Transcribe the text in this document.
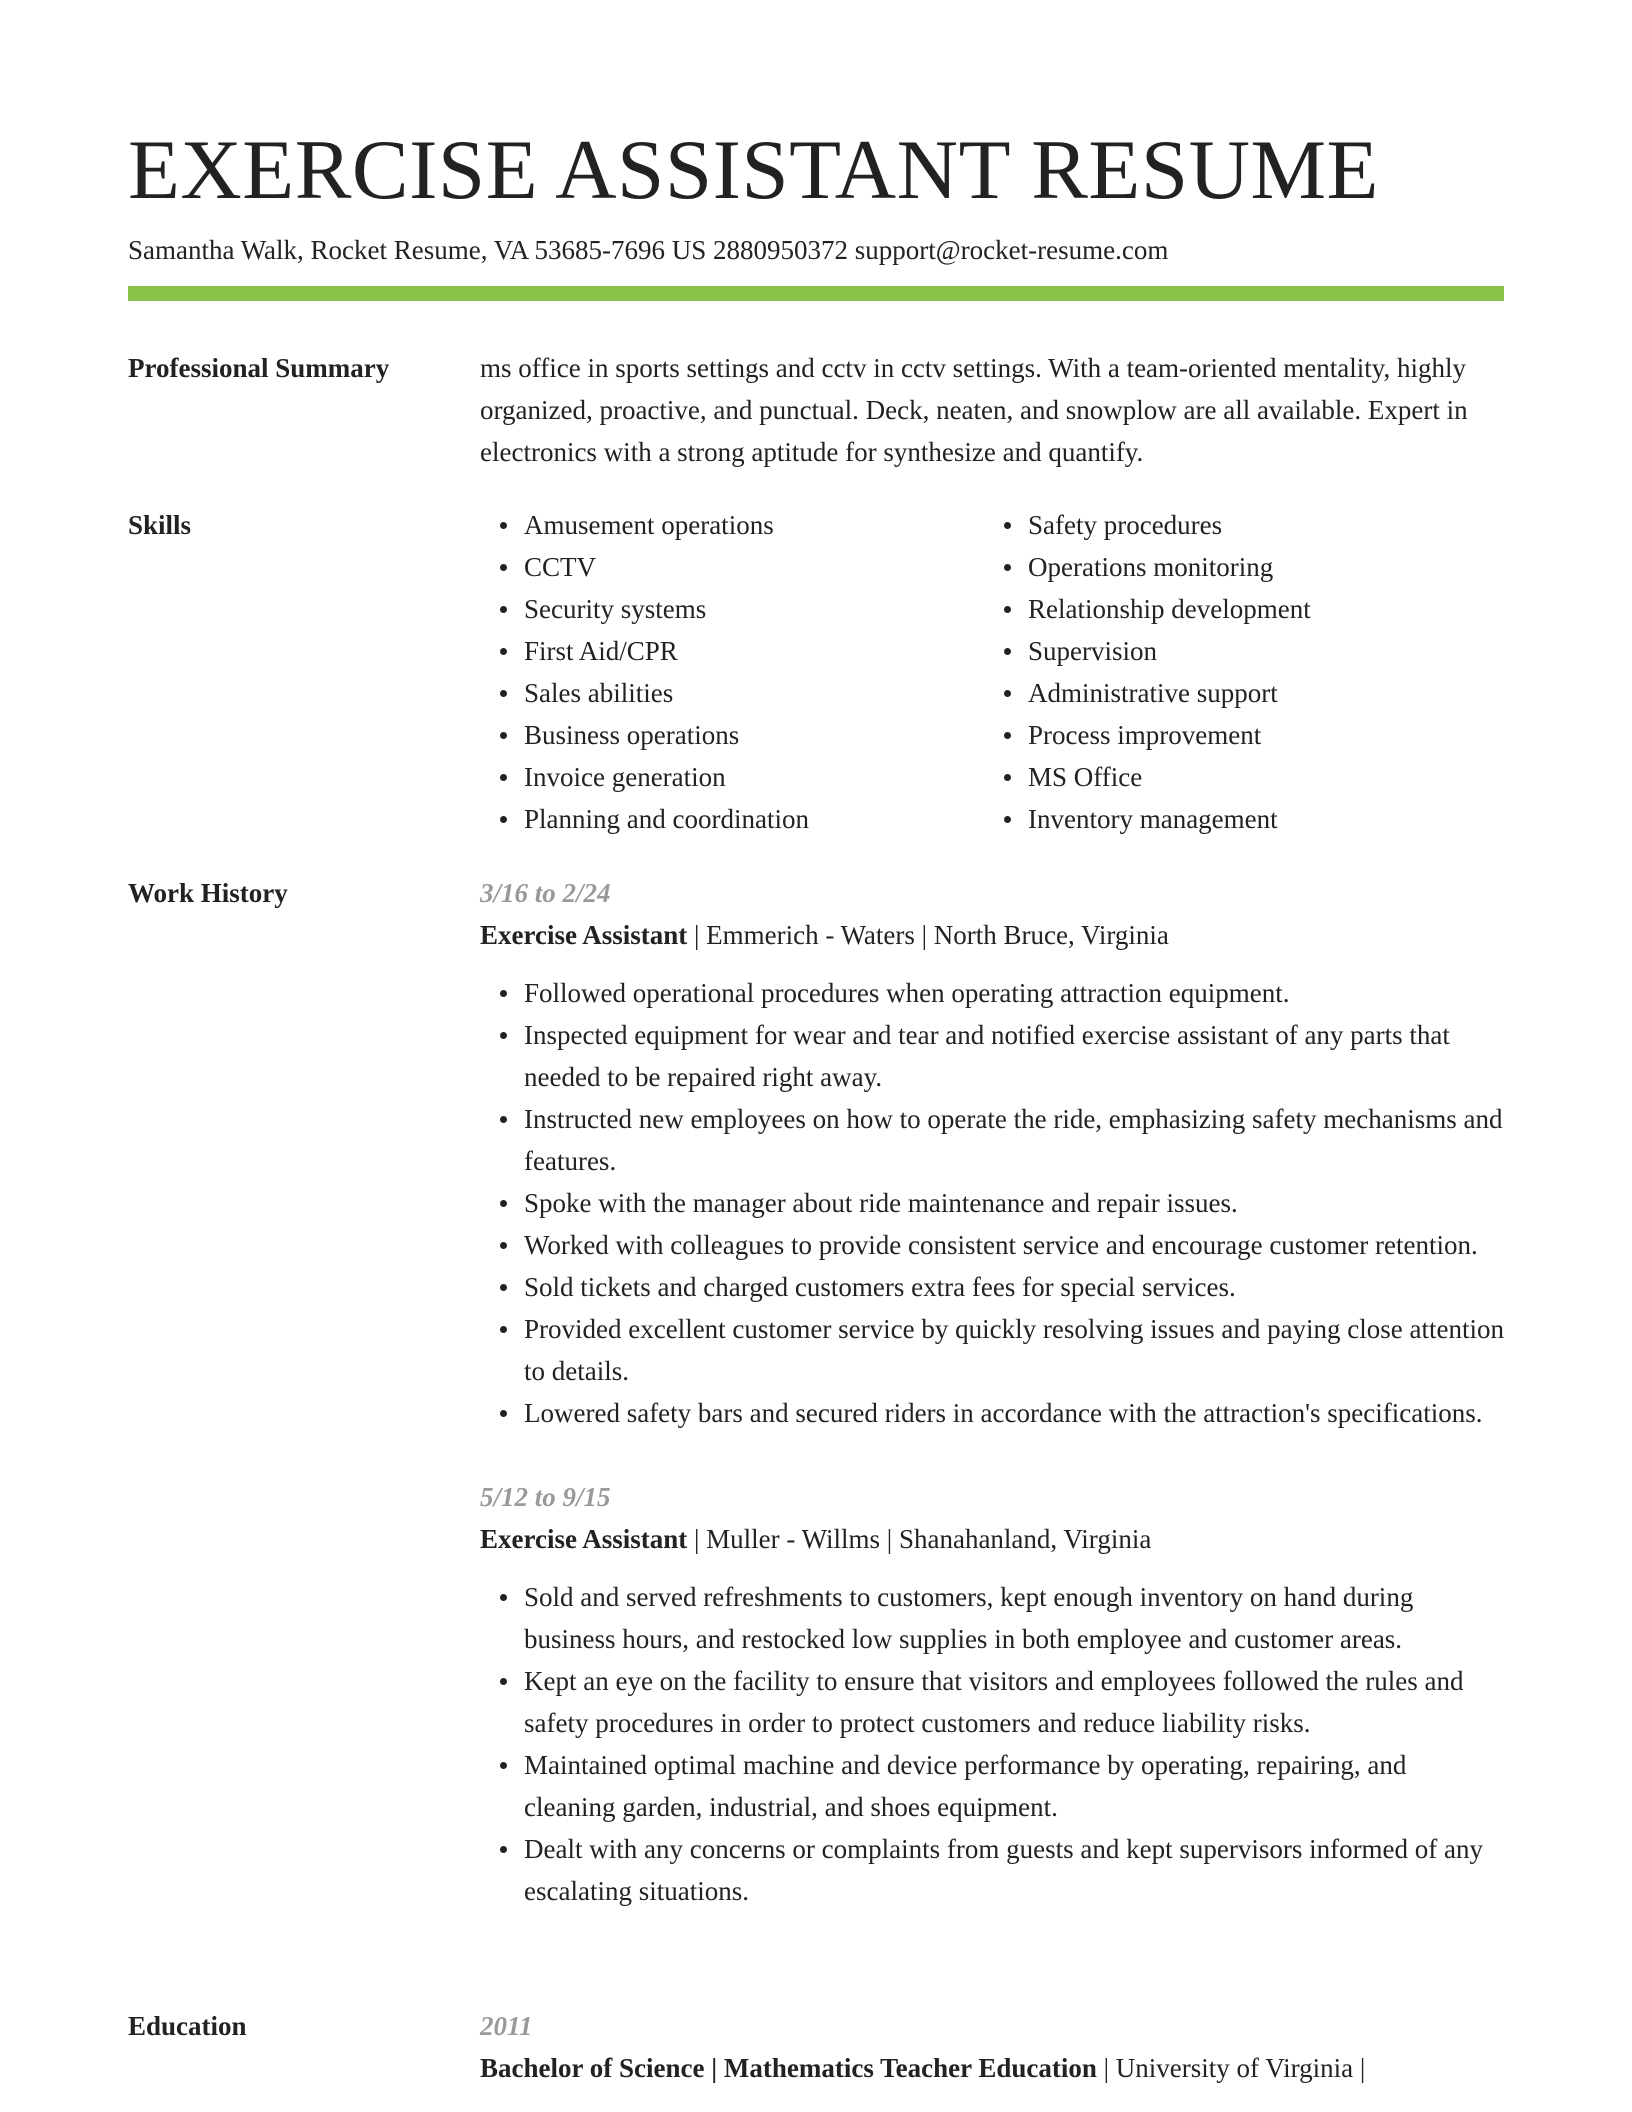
EXERCISE ASSISTANT RESUME
Samantha Walk, Rocket Resume, VA 53685-7696 US 2880950372 support@rocket-resume.com
Professional Summary	ms office in sports settings and cctv in cctv settings. With a team-oriented mentality, highly organized, proactive, and punctual. Deck, neaten, and snowplow are all available. Expert in electronics with a strong aptitude for synthesize and quantify.

Skills	Amusement operations
CCTV
Security systems
First Aid/CPR
Sales abilities
Business operations
Invoice generation
Planning and coordination
Safety procedures
Operations monitoring
Relationship development
Supervision
Administrative support
Process improvement
MS Office
Inventory management
Work History	3/16 to 2/24
Exercise Assistant | Emmerich - Waters | North Bruce, Virginia
Followed operational procedures when operating attraction equipment.
Inspected equipment for wear and tear and notified exercise assistant of any parts that needed to be repaired right away.
Instructed new employees on how to operate the ride, emphasizing safety mechanisms and features.
Spoke with the manager about ride maintenance and repair issues.
Worked with colleagues to provide consistent service and encourage customer retention.
Sold tickets and charged customers extra fees for special services.
Provided excellent customer service by quickly resolving issues and paying close attention to details.
Lowered safety bars and secured riders in accordance with the attraction's specifications.
5/12 to 9/15
Exercise Assistant | Muller - Willms | Shanahanland, Virginia
Sold and served refreshments to customers, kept enough inventory on hand during business hours, and restocked low supplies in both employee and customer areas.
Kept an eye on the facility to ensure that visitors and employees followed the rules and safety procedures in order to protect customers and reduce liability risks.
Maintained optimal machine and device performance by operating, repairing, and cleaning garden, industrial, and shoes equipment.
Dealt with any concerns or complaints from guests and kept supervisors informed of any escalating situations.
Education	2011
Bachelor of Science | Mathematics Teacher Education | University of Virginia |
